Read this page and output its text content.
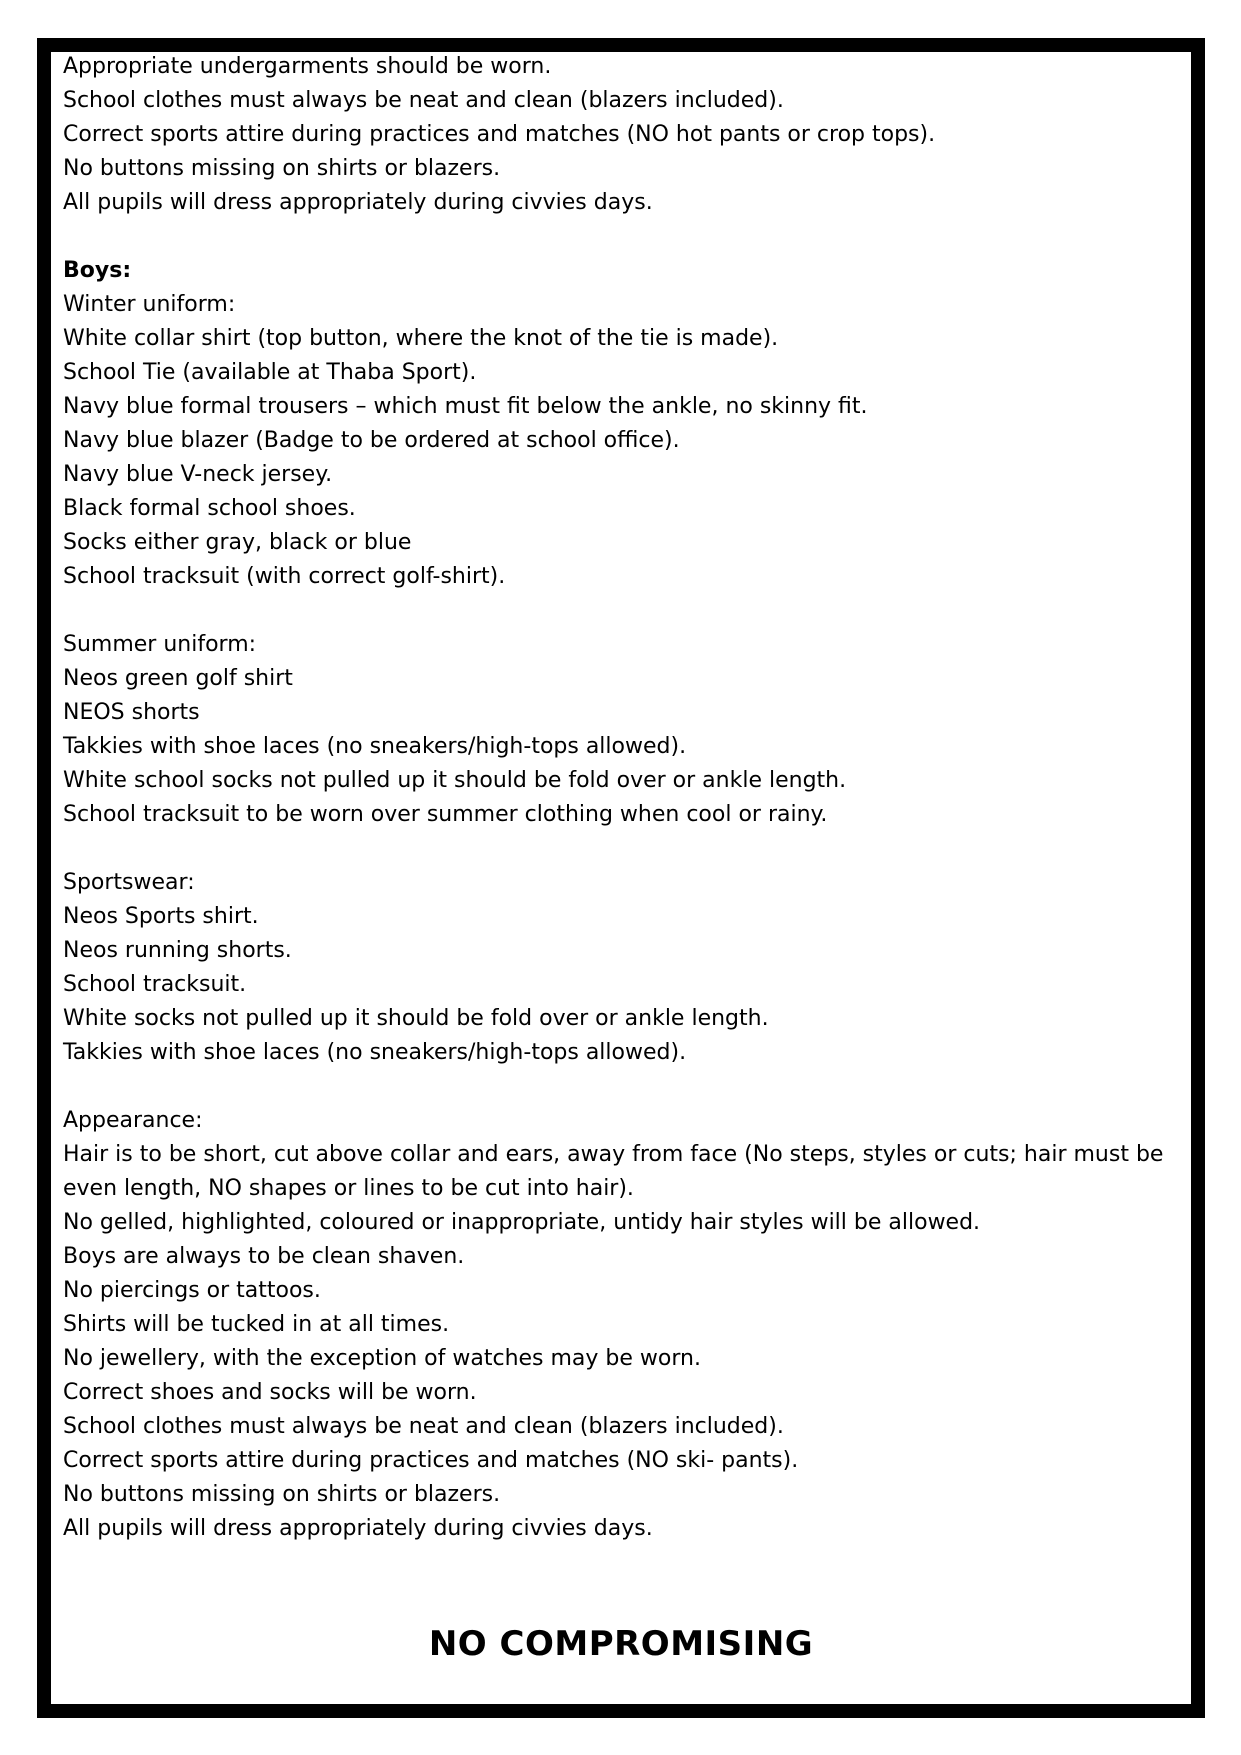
Appropriate undergarments should be worn.
School clothes must always be neat and clean (blazers included).
Correct sports attire during practices and matches (NO hot pants or crop tops).
No buttons missing on shirts or blazers.
All pupils will dress appropriately during civvies days.
Boys:
Winter uniform:
White collar shirt (top button, where the knot of the tie is made).
School Tie (available at Thaba Sport).
Navy blue formal trousers – which must fit below the ankle, no skinny fit.
Navy blue blazer (Badge to be ordered at school office).
Navy blue V-neck jersey.
Black formal school shoes.
Socks either gray, black or blue
School tracksuit (with correct golf-shirt).
Summer uniform:
Neos green golf shirt
NEOS shorts
Takkies with shoe laces (no sneakers/high-tops allowed).
White school socks not pulled up it should be fold over or ankle length.
School tracksuit to be worn over summer clothing when cool or rainy.
Sportswear:
Neos Sports shirt.
Neos running shorts.
School tracksuit.
White socks not pulled up it should be fold over or ankle length.
Takkies with shoe laces (no sneakers/high-tops allowed).
Appearance:
Hair is to be short, cut above collar and ears, away from face (No steps, styles or cuts; hair must be even length, NO shapes or lines to be cut into hair).
No gelled, highlighted, coloured or inappropriate, untidy hair styles will be allowed.
Boys are always to be clean shaven.
No piercings or tattoos.
Shirts will be tucked in at all times.
No jewellery, with the exception of watches may be worn.
Correct shoes and socks will be worn.
School clothes must always be neat and clean (blazers included).
Correct sports attire during practices and matches (NO ski- pants).
No buttons missing on shirts or blazers.
All pupils will dress appropriately during civvies days.
NO COMPROMISING
